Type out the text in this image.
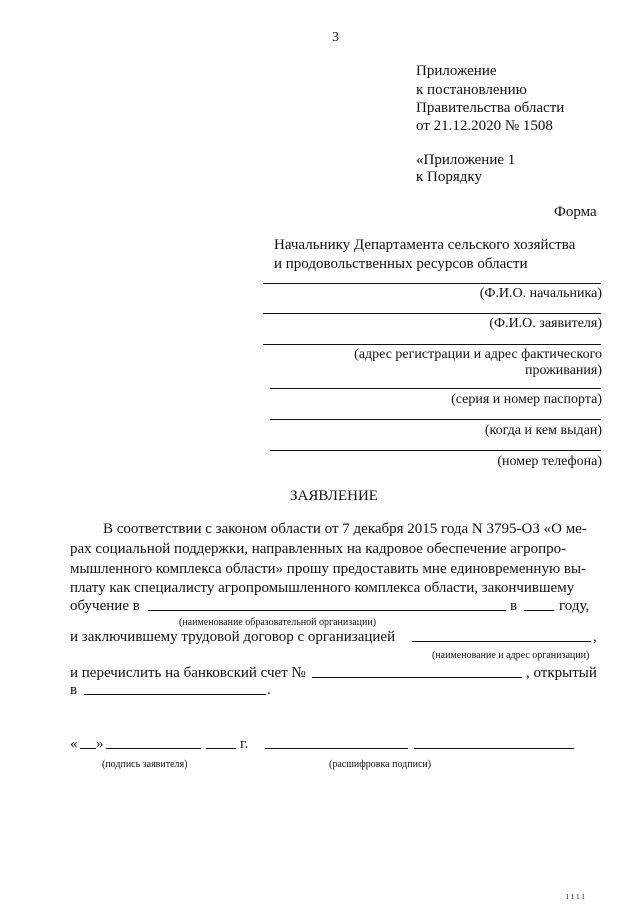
3
Приложение
к постановлению
Правительства области
от 21.12.2020 № 1508
«Приложение 1
к Порядку
Форма
Начальнику Департамента сельского хозяйства
и продовольственных ресурсов области
(Ф.И.О. начальника)
(Ф.И.О. заявителя)
(адрес регистрации и адрес фактического
проживания)
(серия и номер паспорта)
(когда и кем выдан)
(номер телефона)
ЗАЯВЛЕНИЕ
В соответствии с законом области от 7 декабря 2015 года N 3795-ОЗ «О ме-
рах социальной поддержки, направленных на кадровое обеспечение агропро-
мышленного комплекса области» прошу предоставить мне единовременную вы-
плату как специалисту агропромышленного комплекса области, закончившему
обучение в	в	году,
(наименование образовательной организации)
и заключившему трудовой договор с организацией	,
(наименование и адрес организации)
и перечислить на банковский счет №	, открытый
в	.
« »	г.
(подпись заявителя)	(расшифровка подписи)
ı ı ı ı
